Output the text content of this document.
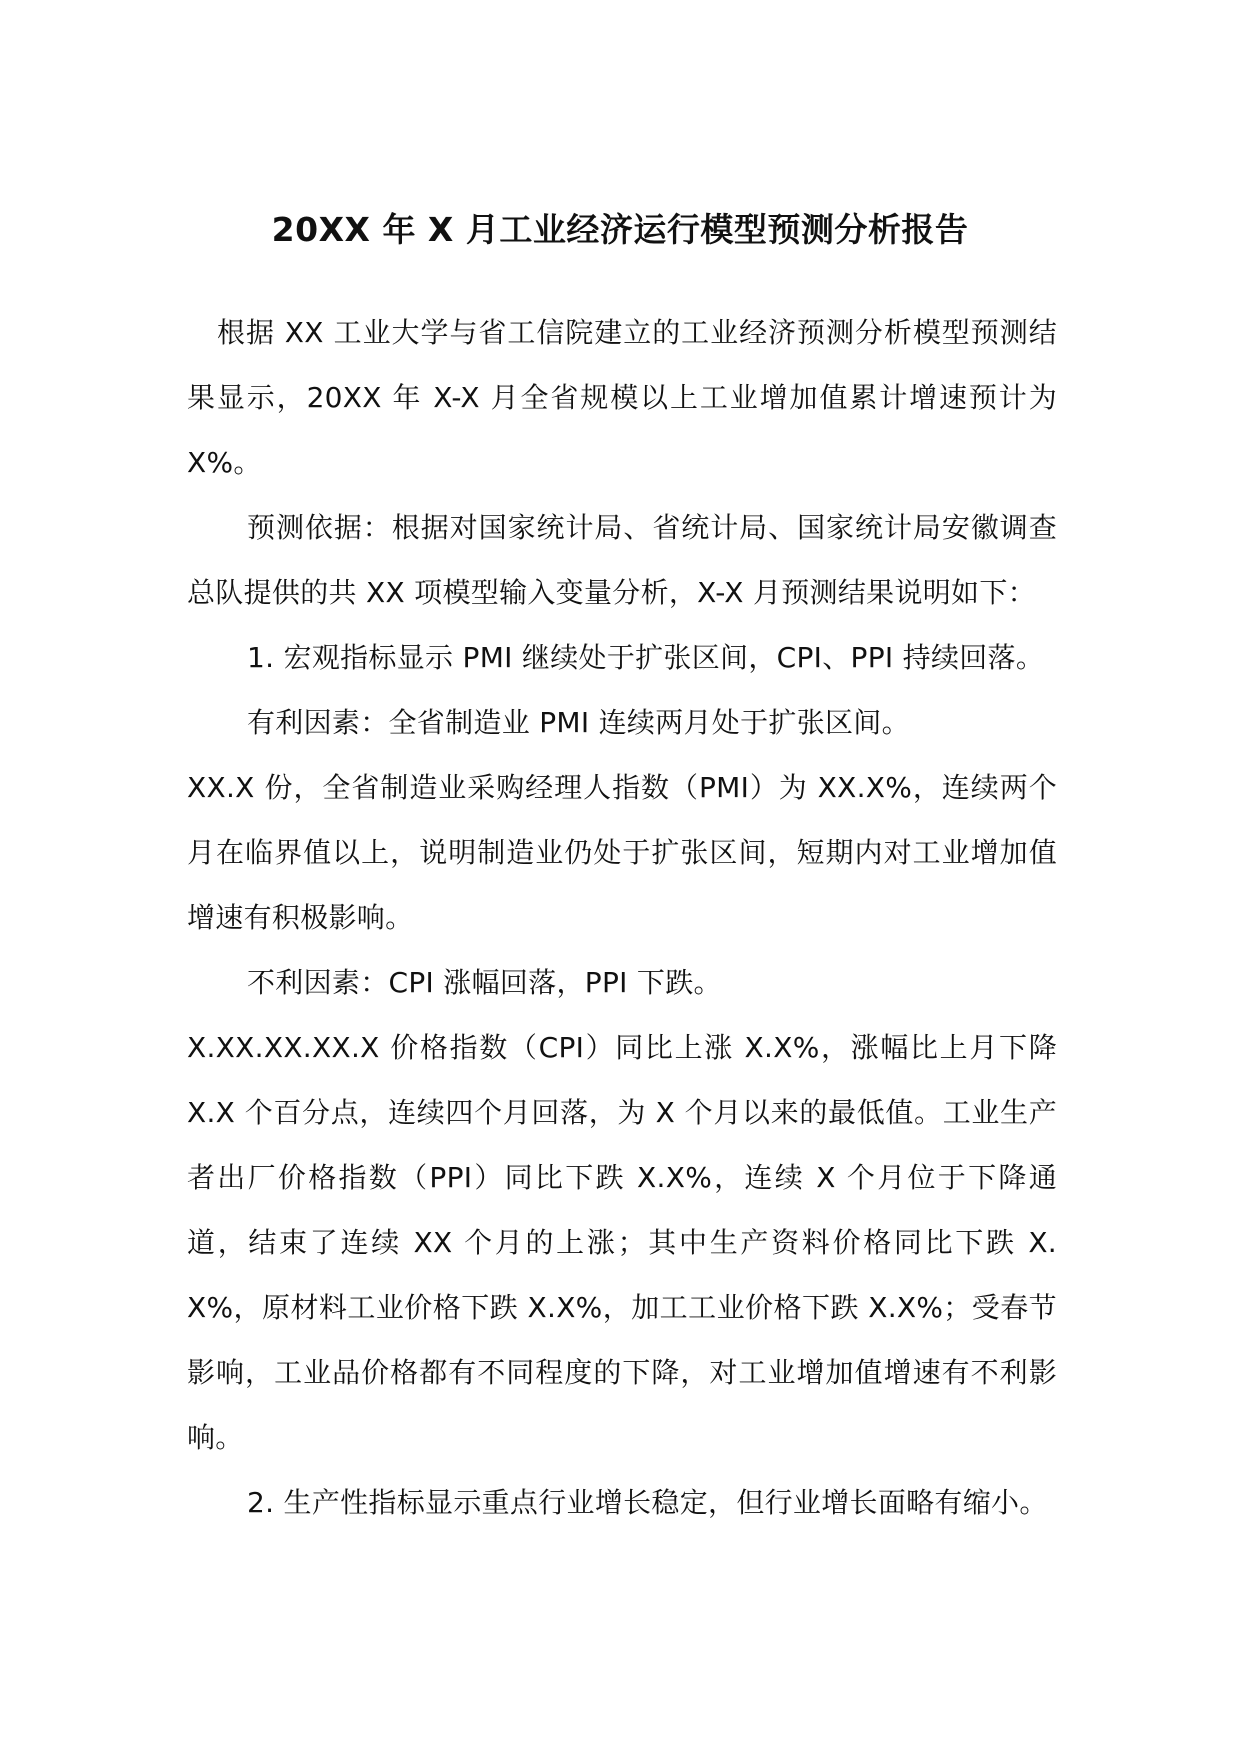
20XX 年 X 月工业经济运行模型预测分析报告

根据 XX 工业大学与省工信院建立的工业经济预测分析模型预测结果显示，20XX 年 X-X 月全省规模以上工业增加值累计增速预计为 X%。

预测依据：根据对国家统计局、省统计局、国家统计局安徽调查总队提供的共 XX 项模型输入变量分析，X-X 月预测结果说明如下：

1. 宏观指标显示 PMI 继续处于扩张区间，CPI、PPI 持续回落。

有利因素：全省制造业 PMI 连续两月处于扩张区间。

XX.X 份，全省制造业采购经理人指数（PMI）为 XX.X%，连续两个月在临界值以上，说明制造业仍处于扩张区间，短期内对工业增加值增速有积极影响。

不利因素：CPI 涨幅回落，PPI 下跌。

X.XX.XX.XX.X 价格指数（CPI）同比上涨 X.X%，涨幅比上月下降 X.X 个百分点，连续四个月回落，为 X 个月以来的最低值。工业生产者出厂价格指数（PPI）同比下跌 X.X%，连续 X 个月位于下降通道，结束了连续 XX 个月的上涨；其中生产资料价格同比下跌 X.X%，原材料工业价格下跌 X.X%，加工工业价格下跌 X.X%；受春节影响，工业品价格都有不同程度的下降，对工业增加值增速有不利影响。

2. 生产性指标显示重点行业增长稳定，但行业增长面略有缩小。
